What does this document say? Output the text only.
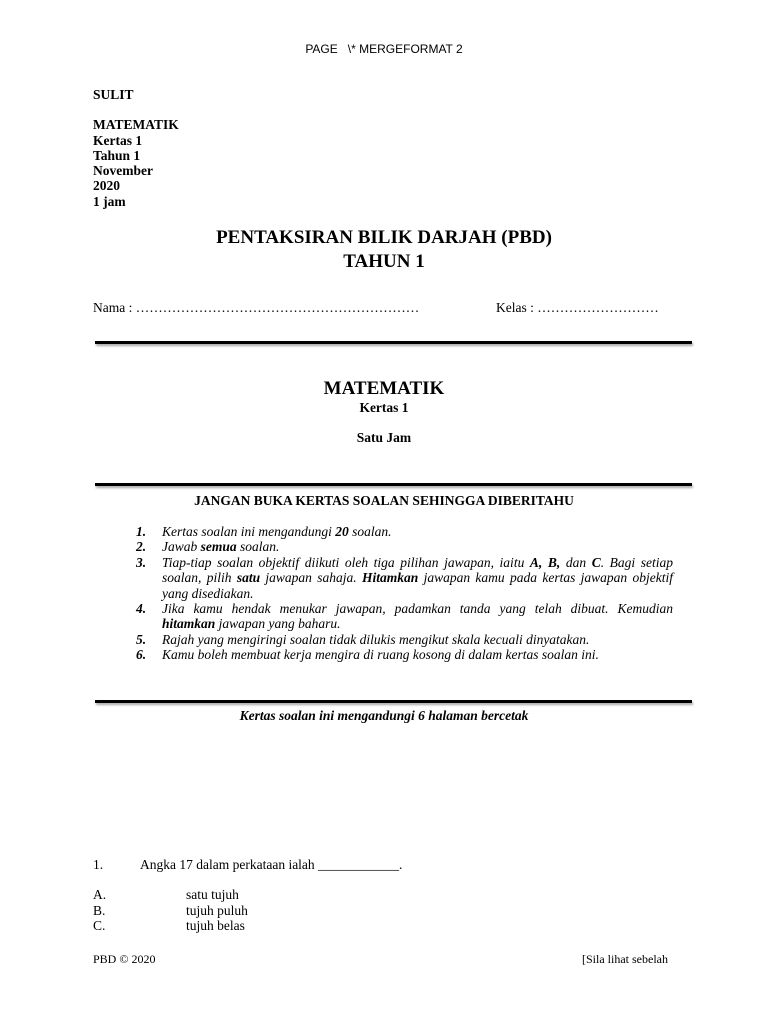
PAGE   \* MERGEFORMAT 2
SULIT
MATEMATIK
Kertas 1
Tahun 1
November
2020
1 jam
PENTAKSIRAN BILIK DARJAH (PBD)
TAHUN 1
Nama : ………………………………………………………	Kelas : ………………………
MATEMATIK
Kertas 1
Satu Jam
JANGAN BUKA KERTAS SOALAN SEHINGGA DIBERITAHU
1.	Kertas soalan ini mengandungi 20 soalan.
2.	Jawab semua soalan.
3.	Tiap-tiap soalan objektif diikuti oleh tiga pilihan jawapan, iaitu A, B, dan C. Bagi setiap soalan, pilih satu jawapan sahaja. Hitamkan jawapan kamu pada kertas jawapan objektif yang disediakan.
4.	Jika kamu hendak menukar jawapan, padamkan tanda yang telah dibuat. Kemudian hitamkan jawapan yang baharu.
5.	Rajah yang mengiringi soalan tidak dilukis mengikut skala kecuali dinyatakan.
6.	Kamu boleh membuat kerja mengira di ruang kosong di dalam kertas soalan ini.
Kertas soalan ini mengandungi 6 halaman bercetak
1.	Angka 17 dalam perkataan ialah ____________.
A.	satu tujuh
B.	tujuh puluh
C.	tujuh belas
PBD © 2020	[Sila lihat sebelah
